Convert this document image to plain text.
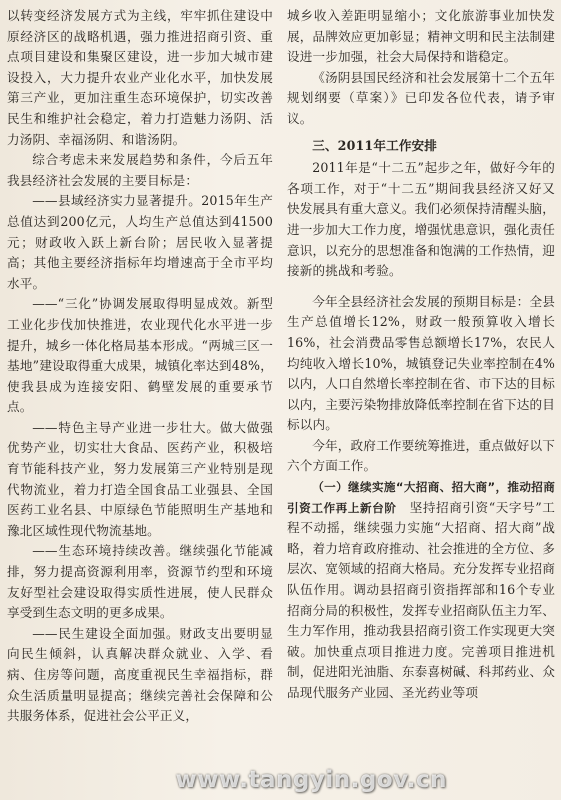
以转变经济发展方式为主线，牢牢抓住建设中原经济区的战略机遇，强力推进招商引资、重点项目建设和集聚区建设，进一步加大城市建设投入，大力提升农业产业化水平，加快发展第三产业，更加注重生态环境保护，切实改善民生和维护社会稳定，着力打造魅力汤阴、活力汤阴、幸福汤阴、和谐汤阴。

综合考虑未来发展趋势和条件，今后五年我县经济社会发展的主要目标是：

——县域经济实力显著提升。2015年生产总值达到200亿元，人均生产总值达到41500元；财政收入跃上新台阶；居民收入显著提高；其他主要经济指标年均增速高于全市平均水平。

——“三化”协调发展取得明显成效。新型工业化步伐加快推进，农业现代化水平进一步提升，城乡一体化格局基本形成。“两城三区一基地”建设取得重大成果，城镇化率达到48%，使我县成为连接安阳、鹤壁发展的重要承节点。

——特色主导产业进一步壮大。做大做强优势产业，切实壮大食品、医药产业，积极培育节能科技产业，努力发展第三产业特别是现代物流业，着力打造全国食品工业强县、全国医药工业名县、中原绿色节能照明生产基地和豫北区域性现代物流基地。

——生态环境持续改善。继续强化节能减排，努力提高资源利用率，资源节约型和环境友好型社会建设取得实质性进展，使人民群众享受到生态文明的更多成果。

——民生建设全面加强。财政支出要明显向民生倾斜，认真解决群众就业、入学、看病、住房等问题，高度重视民生幸福指标，群众生活质量明显提高；继续完善社会保障和公共服务体系，促进社会公平正义，

城乡收入差距明显缩小；文化旅游事业加快发展，品牌效应更加彰显；精神文明和民主法制建设进一步加强，社会大局保持和谐稳定。

《汤阴县国民经济和社会发展第十二个五年规划纲要（草案）》已印发各位代表，请予审议。

三、2011年工作安排

2011年是“十二五”起步之年，做好今年的各项工作，对于“十二五”期间我县经济又好又快发展具有重大意义。我们必须保持清醒头脑，进一步加大工作力度，增强忧患意识，强化责任意识，以充分的思想准备和饱满的工作热情，迎接新的挑战和考验。

今年全县经济社会发展的预期目标是：全县生产总值增长12%，财政一般预算收入增长16%，社会消费品零售总额增长17%，农民人均纯收入增长10%，城镇登记失业率控制在4%以内，人口自然增长率控制在省、市下达的目标以内，主要污染物排放降低率控制在省下达的目标以内。

今年，政府工作要统筹推进，重点做好以下六个方面工作。

（一）继续实施“大招商、招大商”，推动招商引资工作再上新台阶　坚持招商引资“天字号”工程不动摇，继续强力实施“大招商、招大商”战略，着力培育政府推动、社会推进的全方位、多层次、宽领域的招商大格局。充分发挥专业招商队伍作用。调动县招商引资指挥部和16个专业招商分局的积极性，发挥专业招商队伍主力军、生力军作用，推动我县招商引资工作实现更大突破。加快重点项目推进力度。完善项目推进机制，促进阳光油脂、东泰喜树碱、科邦药业、众品现代服务产业园、圣光药业等项

www.tangyin.gov.cn
